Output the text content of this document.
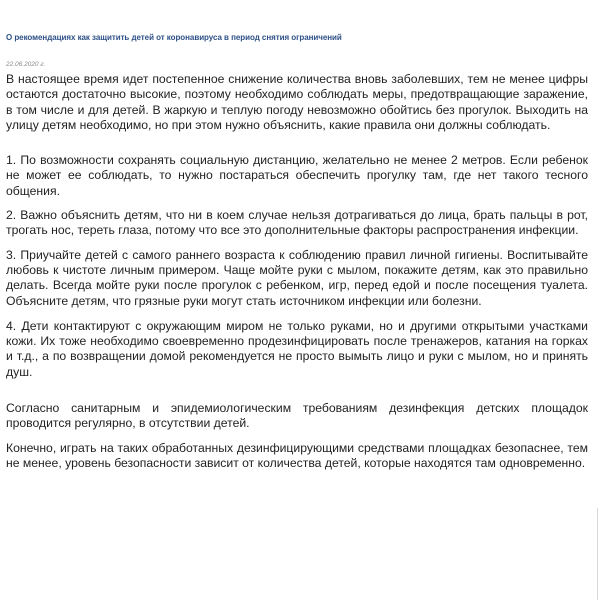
О рекомендациях как защитить детей от коронавируса в период снятия ограничений
22.06.2020 г.

В настоящее время идет постепенное снижение количества вновь заболевших, тем не менее цифры остаются достаточно высокие, поэтому необходимо соблюдать меры, предотвращающие заражение, в том числе и для детей. В жаркую и теплую погоду невозможно обойтись без прогулок. Выходить на улицу детям необходимо, но при этом нужно объяснить, какие правила они должны соблюдать.

1. По возможности сохранять социальную дистанцию, желательно не менее 2 метров. Если ребенок не может ее соблюдать, то нужно постараться обеспечить прогулку там, где нет такого тесного общения.

2. Важно объяснить детям, что ни в коем случае нельзя дотрагиваться до лица, брать пальцы в рот, трогать нос, тереть глаза, потому что все это дополнительные факторы распространения инфекции.

3. Приучайте детей с самого раннего возраста к соблюдению правил личной гигиены. Воспитывайте любовь к чистоте личным примером. Чаще мойте руки с мылом, покажите детям, как это правильно делать. Всегда мойте руки после прогулок с ребенком, игр, перед едой и после посещения туалета. Объясните детям, что грязные руки могут стать источником инфекции или болезни.

4. Дети контактируют с окружающим миром не только руками, но и другими открытыми участками кожи. Их тоже необходимо своевременно продезинфицировать после тренажеров, катания на горках и т.д., а по возвращении домой рекомендуется не просто вымыть лицо и руки с мылом, но и принять душ.

Согласно санитарным и эпидемиологическим требованиям дезинфекция детских площадок проводится регулярно, в отсутствии детей.

Конечно, играть на таких обработанных дезинфицирующими средствами площадках безопаснее, тем не менее, уровень безопасности зависит от количества детей, которые находятся там одновременно.
